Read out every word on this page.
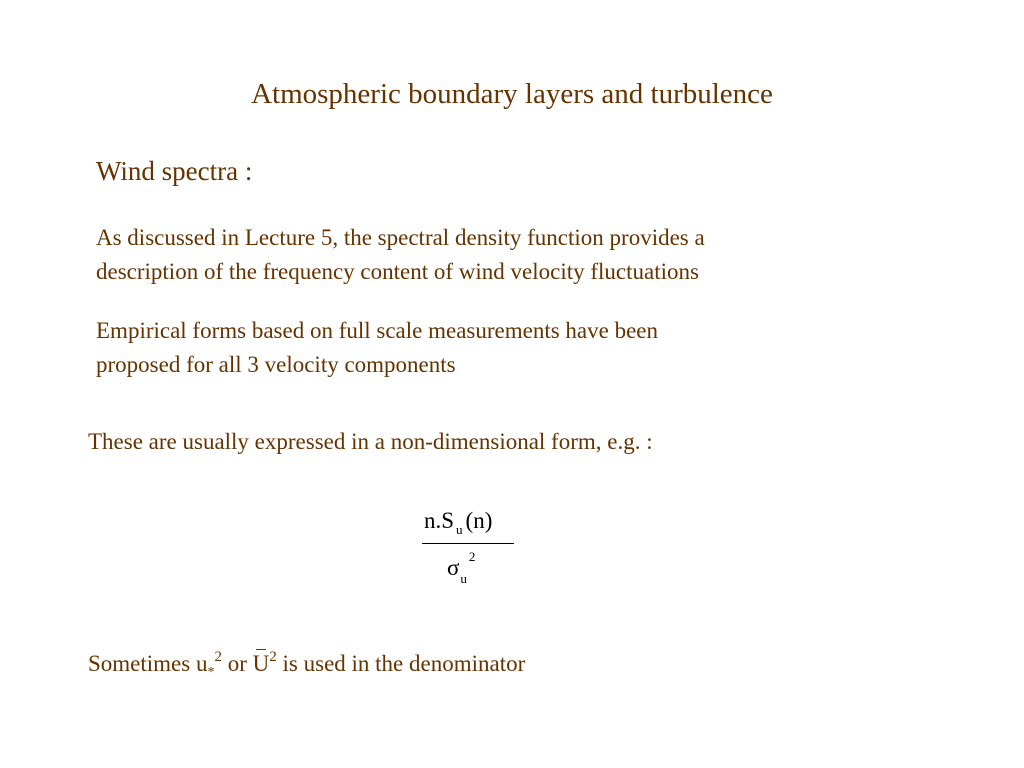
Atmospheric boundary layers and turbulence
Wind spectra :
As discussed in Lecture 5, the spectral density function provides a
description of the frequency content of wind velocity fluctuations
Empirical forms based on full scale measurements have been
proposed for all 3 velocity components
These are usually expressed in a non-dimensional form, e.g. :
n.S $_u$ (n)
$\sigma_u^2$
Sometimes $u_*^2$ or $U^2$ is used in the denominator
